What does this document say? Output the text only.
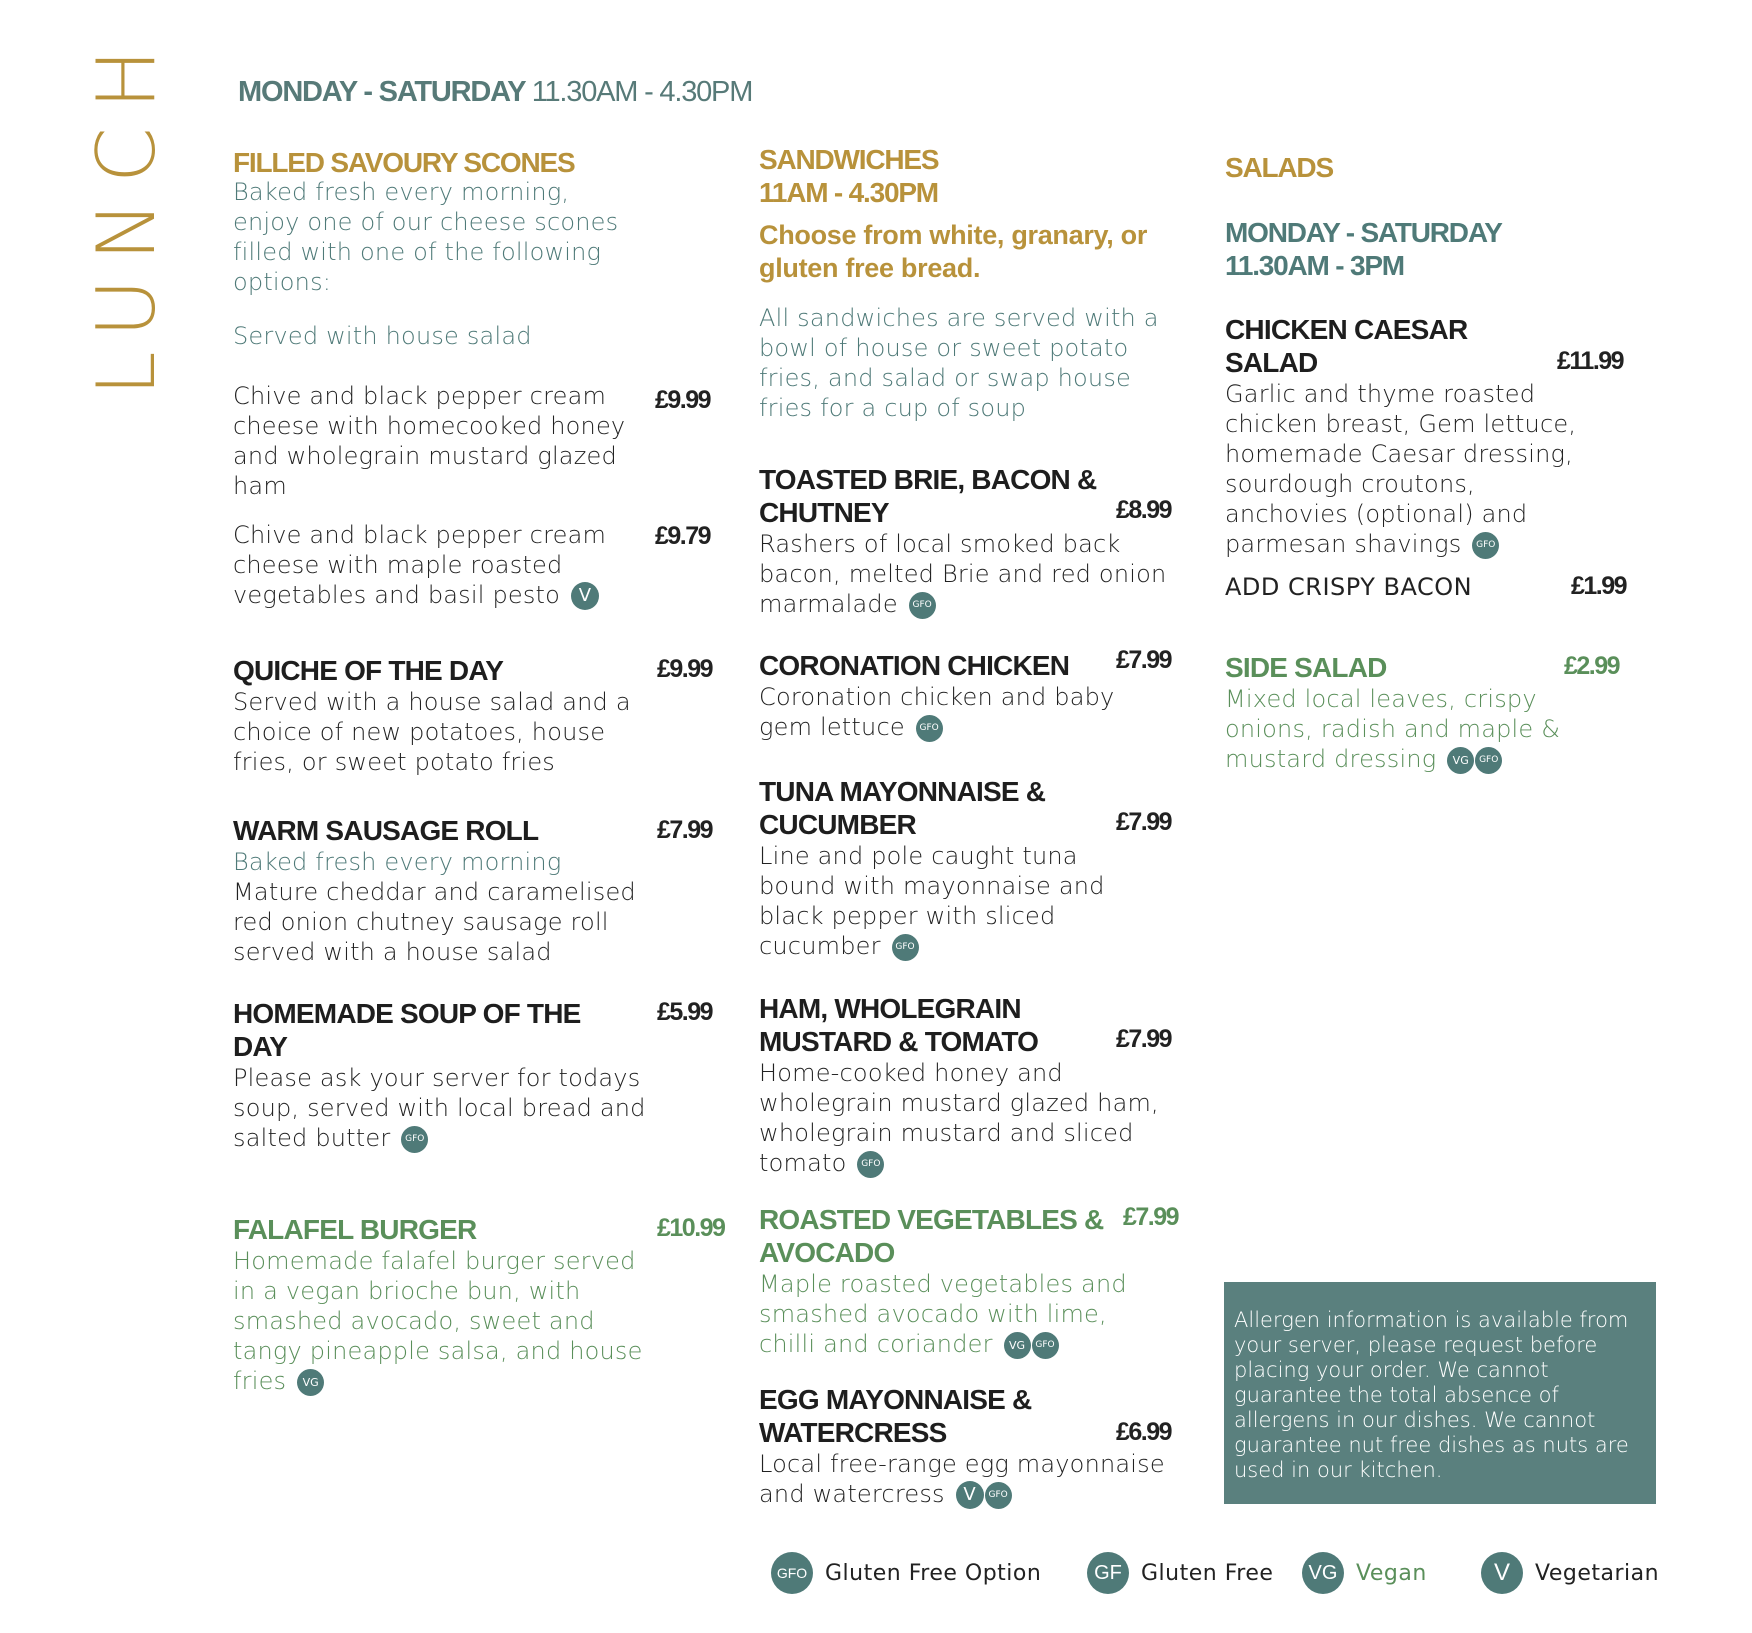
LUNCH MONDAY - SATURDAY 11.30AM - 4.30PM
FILLED SAVOURY SCONES
Baked fresh every morning, enjoy one of our cheese scones filled with one of the following options:
Served with house salad
Chive and black pepper cream cheese with homecooked honey and wholegrain mustard glazed ham
£9.99
Chive and black pepper cream cheese with maple roasted vegetables and basil pesto V
£9.79
QUICHE OF THE DAY
Served with a house salad and a choice of new potatoes, house fries, or sweet potato fries
£9.99
WARM SAUSAGE ROLL
Baked fresh every morning
Mature cheddar and caramelised red onion chutney sausage roll served with a house salad
£7.99
HOMEMADE SOUP OF THE DAY
Please ask your server for todays soup, served with local bread and salted butter GFO
£5.99
FALAFEL BURGER
Homemade falafel burger served in a vegan brioche bun, with smashed avocado, sweet and tangy pineapple salsa, and house fries VG
£10.99
SANDWICHES
11AM - 4.30PM
Choose from white, granary, or gluten free bread.
All sandwiches are served with a bowl of house or sweet potato fries, and salad or swap house fries for a cup of soup
TOASTED BRIE, BACON & CHUTNEY
Rashers of local smoked back bacon, melted Brie and red onion marmalade GFO
£8.99
CORONATION CHICKEN
Coronation chicken and baby gem lettuce GFO
£7.99
TUNA MAYONNAISE & CUCUMBER
Line and pole caught tuna bound with mayonnaise and black pepper with sliced cucumber GFO
£7.99
HAM, WHOLEGRAIN MUSTARD & TOMATO
Home-cooked honey and wholegrain mustard glazed ham, wholegrain mustard and sliced tomato GFO
£7.99
ROASTED VEGETABLES & AVOCADO
Maple roasted vegetables and smashed avocado with lime, chilli and coriander VG GFO
£7.99
EGG MAYONNAISE & WATERCRESS
Local free-range egg mayonnaise and watercress V GFO
£6.99
SALADS
MONDAY - SATURDAY 11.30AM - 3PM
CHICKEN CAESAR SALAD
Garlic and thyme roasted chicken breast, Gem lettuce, homemade Caesar dressing, sourdough croutons, anchovies (optional) and parmesan shavings GFO
£11.99
ADD CRISPY BACON	£1.99
SIDE SALAD
Mixed local leaves, crispy onions, radish and maple & mustard dressing VG GFO
£2.99
Allergen information is available from your server, please request before placing your order. We cannot guarantee the total absence of allergens in our dishes. We cannot guarantee nut free dishes as nuts are used in our kitchen.
GFO Gluten Free Option	GF Gluten Free	VG Vegan	V	Vegetarian
